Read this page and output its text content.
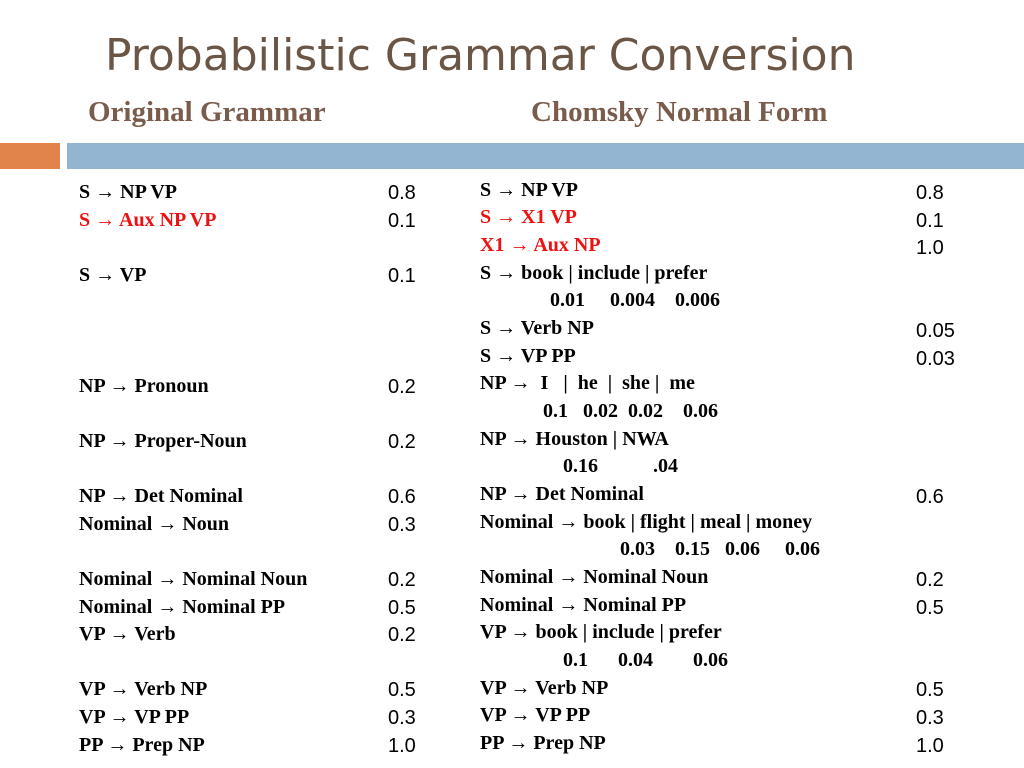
Probabilistic Grammar Conversion
Original Grammar	Chomsky Normal Form
S → NP VP	0.8
S → Aux NP VP	0.1
S → VP	0.1
NP → Pronoun	0.2
NP → Proper-Noun	0.2
NP → Det Nominal	0.6
Nominal → Noun	0.3
Nominal → Nominal Noun	0.2
Nominal → Nominal PP	0.5
VP → Verb	0.2
VP → Verb NP	0.5
VP → VP PP	0.3
PP → Prep NP	1.0
S → NP VP	0.8
S → X1 VP	0.1
X1 → Aux NP	1.0
S → book | include | prefer
0.01     0.004    0.006
S → Verb NP	0.05
S → VP PP	0.03
NP →  I   |  he  |  she |  me
0.1   0.02  0.02    0.06
NP → Houston | NWA
0.16           .04
NP → Det Nominal	0.6
Nominal → book | flight | meal | money
0.03    0.15   0.06     0.06
Nominal → Nominal Noun	0.2
Nominal → Nominal PP	0.5
VP → book | include | prefer
0.1      0.04        0.06
VP → Verb NP	0.5
VP → VP PP	0.3
PP → Prep NP	1.0
